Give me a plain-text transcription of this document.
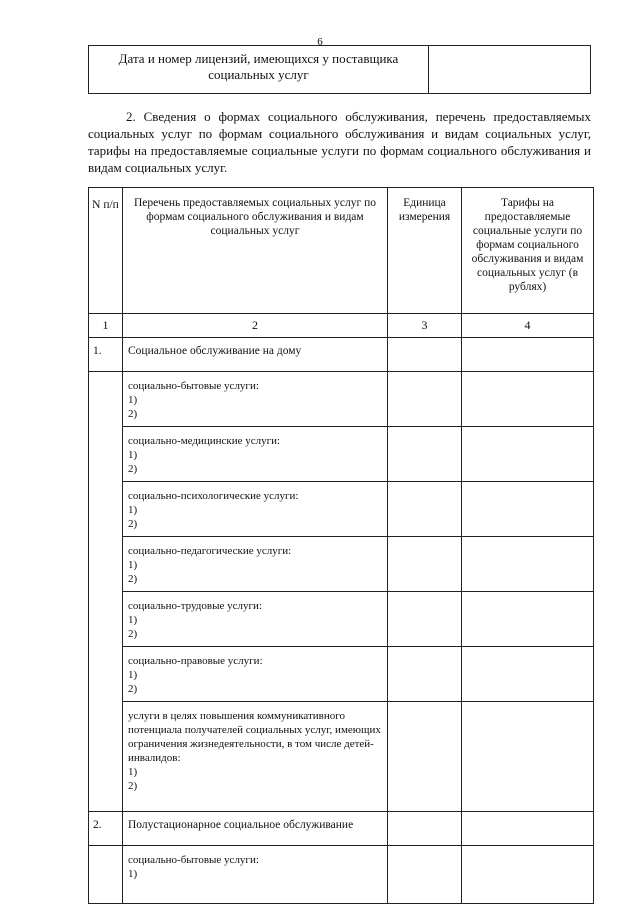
6
Дата и номер лицензий, имеющихся у поставщика социальных услуг	
2. Сведения о формах социального обслуживания, перечень предоставляемых социальных услуг по формам социального обслуживания и видам социальных услуг, тарифы на предоставляемые социальные услуги по формам социального обслуживания и видам социальных услуг.
N п/п	Перечень предоставляемых социальных услуг по формам социального обслуживания и видам социальных услуг	Единица измерения	Тарифы на предоставляемые социальные услуги по формам социального обслуживания и видам социальных услуг (в рублях)
1	2	3	4
1.	Социальное обслуживание на дому		

	социально-бытовые услуги:
1)
2)		

	социально-медицинские услуги:
1)
2)		

	социально-психологические услуги:
1)
2)		

	социально-педагогические услуги:
1)
2)		

	социально-трудовые услуги:
1)
2)		

	социально-правовые услуги:
1)
2)		

	услуги в целях повышения коммуникативного потенциала получателей социальных услуг, имеющих ограничения жизнедеятельности, в том числе детей-инвалидов:
1)
2)		

2.	Полустационарное социальное обслуживание		

	социально-бытовые услуги:
1)		
